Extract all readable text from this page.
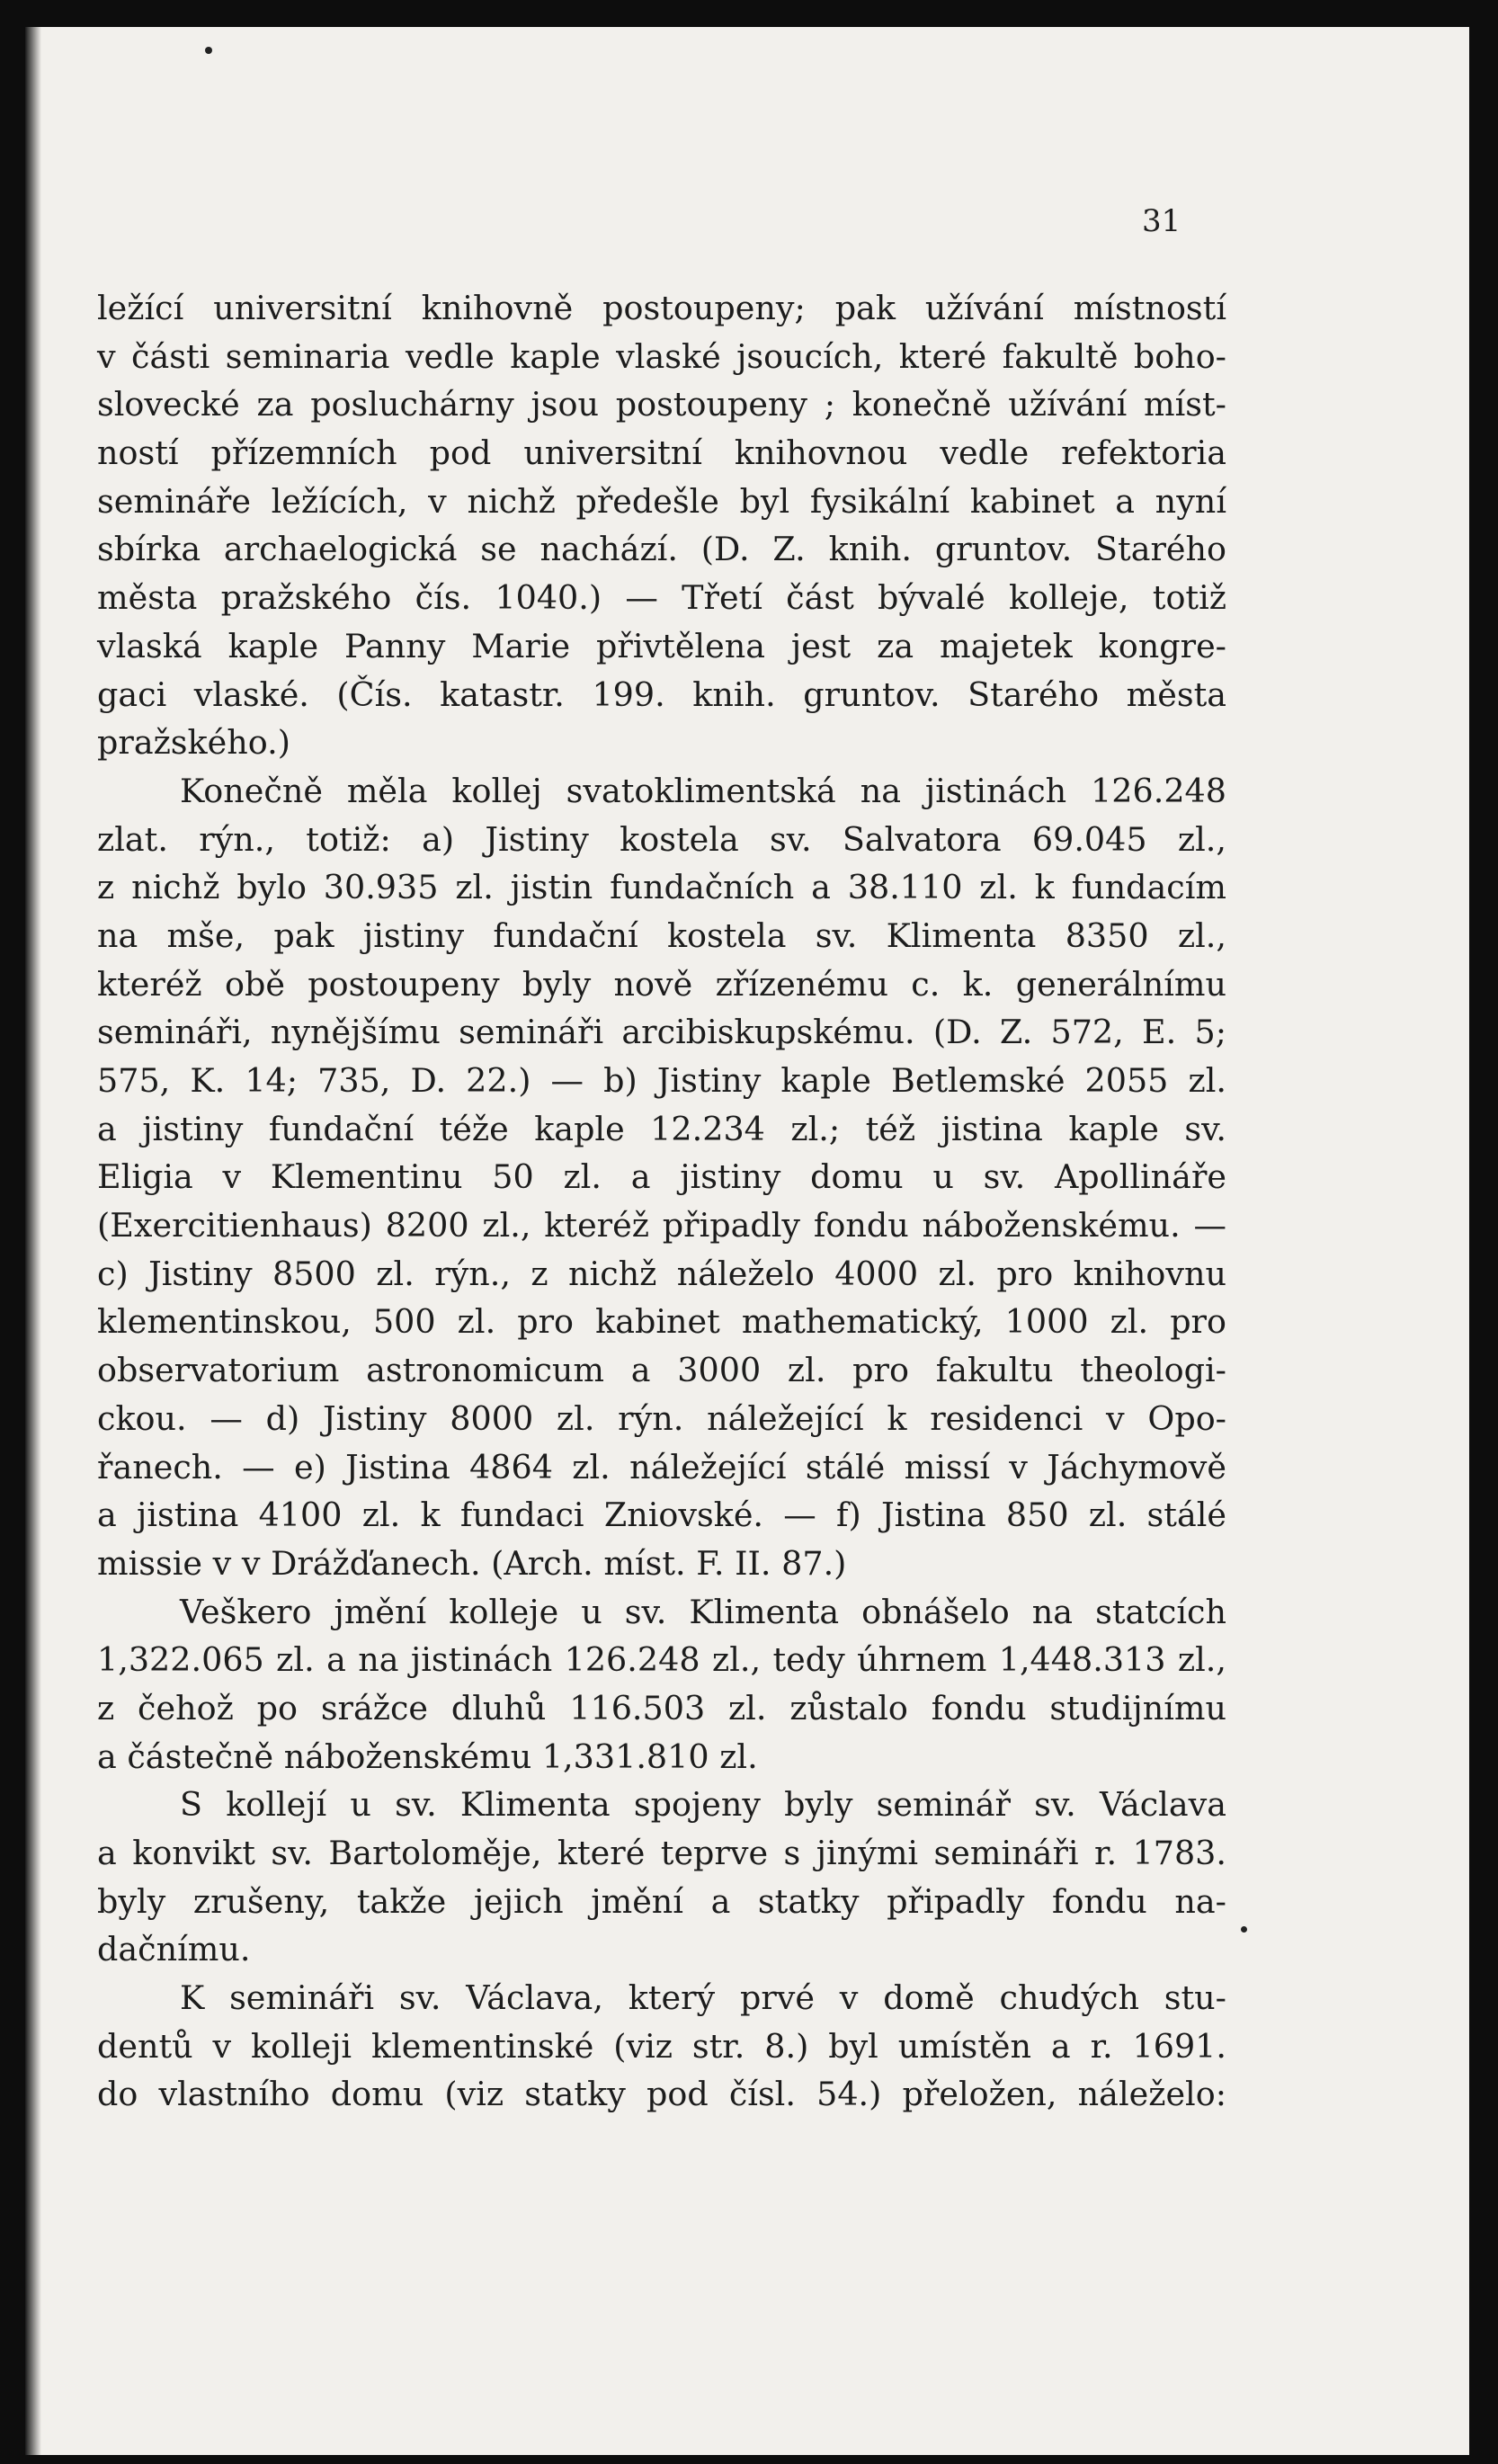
31
ležící universitní knihovně postoupeny; pak užívání místností
v části seminaria vedle kaple vlaské jsoucích, které fakultě boho-
slovecké za posluchárny jsou postoupeny ; konečně užívání míst-
ností přízemních pod universitní knihovnou vedle refektoria
semináře ležících, v nichž předešle byl fysikální kabinet a nyní
sbírka archaelogická se nachází. (D. Z. knih. gruntov. Starého
města pražského čís. 1040.) — Třetí část bývalé kolleje, totiž
vlaská kaple Panny Marie přivtělena jest za majetek kongre-
gaci vlaské. (Čís. katastr. 199. knih. gruntov. Starého města
pražského.)
Konečně měla kollej svatoklimentská na jistinách 126.248
zlat. rýn., totiž: a) Jistiny kostela sv. Salvatora 69.045 zl.,
z nichž bylo 30.935 zl. jistin fundačních a 38.110 zl. k fundacím
na mše, pak jistiny fundační kostela sv. Klimenta 8350 zl.,
kteréž obě postoupeny byly nově zřízenému c. k. generálnímu
semináři, nynějšímu semináři arcibiskupskému. (D. Z. 572, E. 5;
575, K. 14; 735, D. 22.) — b) Jistiny kaple Betlemské 2055 zl.
a jistiny fundační téže kaple 12.234 zl.; též jistina kaple sv.
Eligia v Klementinu 50 zl. a jistiny domu u sv. Apollináře
(Exercitienhaus) 8200 zl., kteréž připadly fondu náboženskému. —
c) Jistiny 8500 zl. rýn., z nichž náleželo 4000 zl. pro knihovnu
klementinskou, 500 zl. pro kabinet mathematický, 1000 zl. pro
observatorium astronomicum a 3000 zl. pro fakultu theologi-
ckou. — d) Jistiny 8000 zl. rýn. náležející k residenci v Opo-
řanech. — e) Jistina 4864 zl. náležející stálé missí v Jáchymově
a jistina 4100 zl. k fundaci Zniovské. — f) Jistina 850 zl. stálé
missie v v Drážďanech. (Arch. míst. F. II. 87.)
Veškero jmění kolleje u sv. Klimenta obnášelo na statcích
1,322.065 zl. a na jistinách 126.248 zl., tedy úhrnem 1,448.313 zl.,
z čehož po srážce dluhů 116.503 zl. zůstalo fondu studijnímu
a částečně náboženskému 1,331.810 zl.
S kollejí u sv. Klimenta spojeny byly seminář sv. Václava
a konvikt sv. Bartoloměje, které teprve s jinými semináři r. 1783.
byly zrušeny, takže jejich jmění a statky připadly fondu na-
dačnímu.
K semináři sv. Václava, který prvé v domě chudých stu-
dentů v kolleji klementinské (viz str. 8.) byl umístěn a r. 1691.
do vlastního domu (viz statky pod čísl. 54.) přeložen, náleželo:
